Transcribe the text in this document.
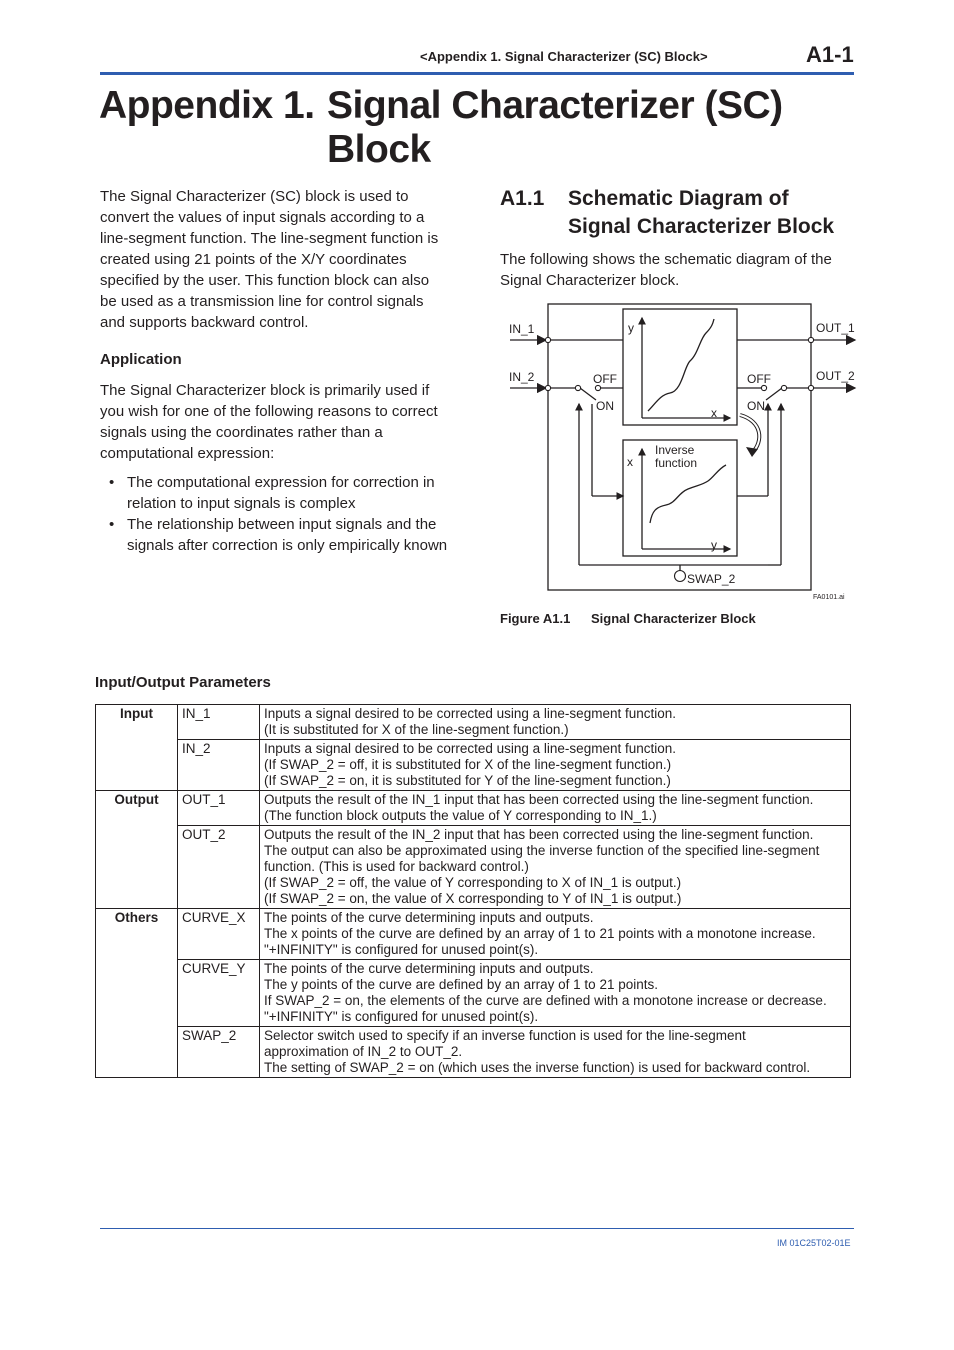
<Appendix 1. Signal Characterizer (SC) Block>	A1-1
Appendix 1. Signal Characterizer (SC)
Block
The Signal Characterizer (SC) block is used to convert the values of input signals according to a line-segment function. The line-segment function is created using 21 points of the X/Y coordinates specified by the user. This function block can also be used as a transmission line for control signals and supports backward control.
Application
The Signal Characterizer block is primarily used if you wish for one of the following reasons to correct signals using the coordinates rather than a computational expression:
• The computational expression for correction in relation to input signals is complex
• The relationship between input signals and the signals after correction is only empirically known
A1.1 Schematic Diagram of
Signal Characterizer Block
The following shows the schematic diagram of the Signal Characterizer block.
IN_1
IN_2
OUT_1
OUT_2
OFF
ON
OFF
ON
y
x
x
y
Inverse
function
SWAP_2
FA0101.ai
Figure A1.1 Signal Characterizer Block
Input/Output Parameters
Input	IN_1	Inputs a signal desired to be corrected using a line-segment function.
(It is substituted for X of the line-segment function.)

	IN_2	Inputs a signal desired to be corrected using a line-segment function.
(If SWAP_2 = off, it is substituted for X of the line-segment function.)
(If SWAP_2 = on, it is substituted for Y of the line-segment function.)

Output	OUT_1	Outputs the result of the IN_1 input that has been corrected using the line-segment function.
(The function block outputs the value of Y corresponding to IN_1.)

	OUT_2	Outputs the result of the IN_2 input that has been corrected using the line-segment function.
The output can also be approximated using the inverse function of the specified line-segment
function. (This is used for backward control.)
(If SWAP_2 = off, the value of Y corresponding to X of IN_1 is output.)
(If SWAP_2 = on, the value of X corresponding to Y of IN_1 is output.)

Others	CURVE_X	The points of the curve determining inputs and outputs.
The x points of the curve are defined by an array of 1 to 21 points with a monotone increase.
"+INFINITY" is configured for unused point(s).

	CURVE_Y	The points of the curve determining inputs and outputs.
The y points of the curve are defined by an array of 1 to 21 points.
If SWAP_2 = on, the elements of the curve are defined with a monotone increase or decrease.
"+INFINITY" is configured for unused point(s).

	SWAP_2	Selector switch used to specify if an inverse function is used for the line-segment
approximation of IN_2 to OUT_2.
The setting of SWAP_2 = on (which uses the inverse function) is used for backward control.
IM 01C25T02-01E
